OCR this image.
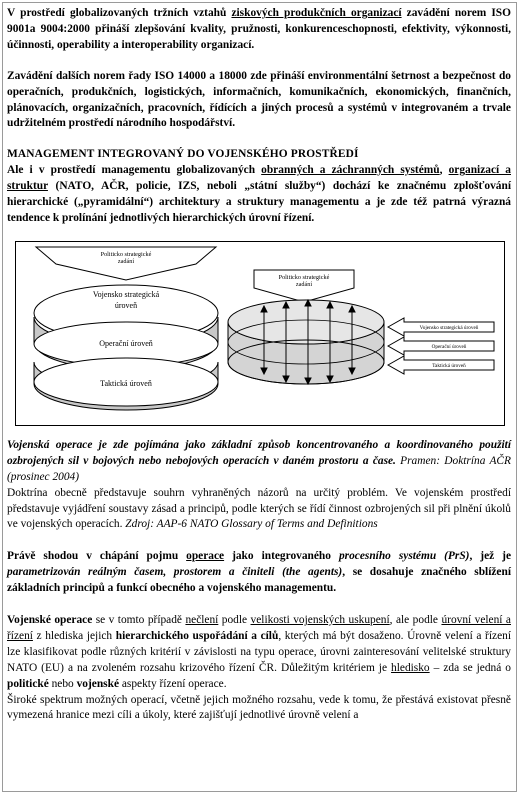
V prostředí globalizovaných tržních vztahů ziskových produkčních organizací zavádění norem ISO 9001a 9004:2000 přináší zlepšování kvality, pružnosti, konkurenceschopnosti, efektivity, výkonnosti, účinnosti, operability a interoperability organizací.

Zavádění dalších norem řady ISO 14000 a 18000 zde přináší environmentální šetrnost a bezpečnost do operačních, produkčních, logistických, informačních, komunikačních, ekonomických, finančních, plánovacích, organizačních, pracovních, řídících a jiných procesů a systémů v integrovaném a trvale udržitelném prostředí národního hospodářství.

MANAGEMENT INTEGROVANÝ DO VOJENSKÉHO PROSTŘEDÍ

Ale i v prostředí managementu globalizovaných obranných a záchranných systémů, organizací a struktur (NATO, AČR, policie, IZS, neboli „státní služby“) dochází ke značnému zplošťování hierarchické („pyramidální“) architektury a struktury managementu a je zde též patrná výrazná tendence k prolínání jednotlivých hierarchických úrovní řízení.

Politicko strategické
zadání
Vojensko strategická
úroveň
Operační úroveň
Taktická úroveň
Politicko strategické
zadání
Vojensko strategická úroveň
Operační úroveň
Taktická úroveň

Vojenská operace je zde pojímána jako základní způsob koncentrovaného a koordinovaného použití ozbrojených sil v bojových nebo nebojových operacích v daném prostoru a čase. Pramen: Doktrína AČR (prosinec 2004)

Doktrína obecně představuje souhrn vyhraněných názorů na určitý problém. Ve vojenském prostředí představuje vyjádření soustavy zásad a principů, podle kterých se řídí činnost ozbrojených sil při plnění úkolů ve vojenských operacích. Zdroj: AAP-6 NATO Glossary of Terms and Definitions

Právě shodou v chápání pojmu operace jako integrovaného procesního systému (PrS), jež je parametrizován reálným časem, prostorem a činiteli (the agents), se dosahuje značného sblížení základních principů a funkcí obecného a vojenského managementu.

Vojenské operace se v tomto případě nečlení podle velikosti vojenských uskupení, ale podle úrovní velení a řízení z hlediska jejich hierarchického uspořádání a cílů, kterých má být dosaženo. Úrovně velení a řízení lze klasifikovat podle různých kritérií v závislosti na typu operace, úrovni zainteresování velitelské struktury NATO (EU) a na zvoleném rozsahu krizového řízení ČR. Důležitým kritériem je hledisko – zda se jedná o politické nebo vojenské aspekty řízení operace.

Široké spektrum možných operací, včetně jejich možného rozsahu, vede k tomu, že přestává existovat přesně vymezená hranice mezi cíli a úkoly, které zajišťují jednotlivé úrovně velení a
